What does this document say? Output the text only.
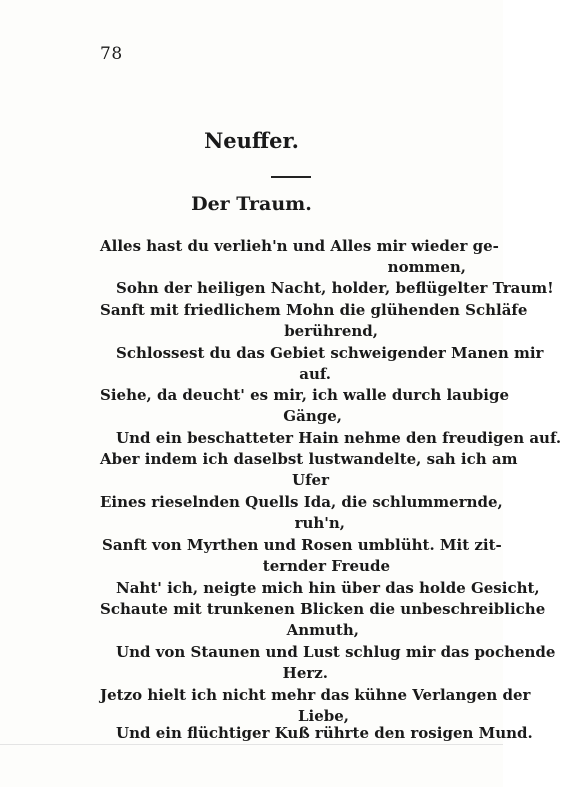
78
Neuffer.
Der Traum.
Alles hast du verlieh'n und Alles mir wieder ge-
nommen,
Sohn der heiligen Nacht, holder, beflügelter Traum!
Sanft mit friedlichem Mohn die glühenden Schläfe
berührend,
Schlossest du das Gebiet schweigender Manen mir
auf.
Siehe, da deucht' es mir, ich walle durch laubige
Gänge,
Und ein beschatteter Hain nehme den freudigen auf.
Aber indem ich daselbst lustwandelte, sah ich am
Ufer
Eines rieselnden Quells Ida, die schlummernde,
ruh'n,
Sanft von Myrthen und Rosen umblüht. Mit zit-
ternder Freude
Naht' ich, neigte mich hin über das holde Gesicht,
Schaute mit trunkenen Blicken die unbeschreibliche
Anmuth,
Und von Staunen und Lust schlug mir das pochende
Herz.
Jetzo hielt ich nicht mehr das kühne Verlangen der
Liebe,
Und ein flüchtiger Kuß rührte den rosigen Mund.
